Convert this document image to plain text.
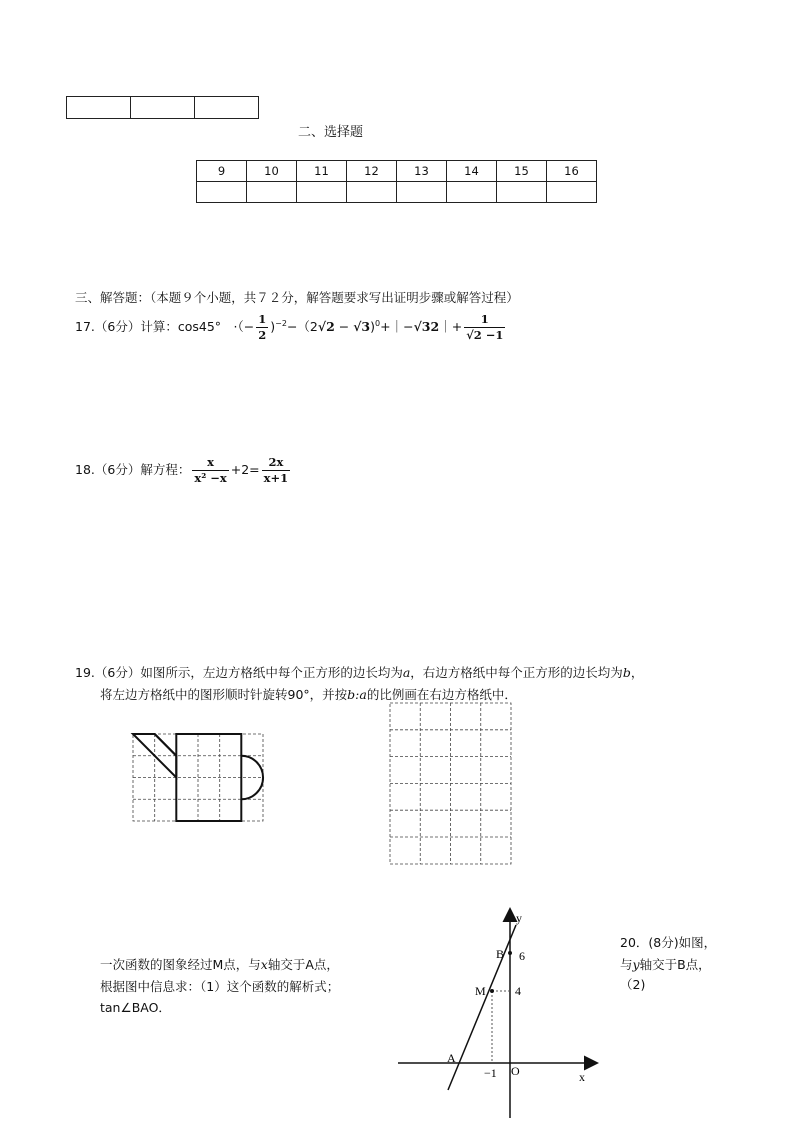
二、选择题
9	10	11	12	13	14	15	16

三、解答题：（本题９个小题，共７２分，解答题要求写出证明步骤或解答过程）
17.（6分）计算：cos45°　·（− $\frac{1}{2} )^{-2}-(2√2$ − √3)$^0$+｜−√32｜+ $\frac{1}{√2 -1}$
18.（6分）解方程： $\frac{x}{\text{x² −x}} +2= \frac{2x}{x+1}$
19.（6分）如图所示，左边方格纸中每个正方形的边长均为a，右边方格纸中每个正方形的边长均为b，
将左边方格纸中的图形顺时针旋转90°，并按b:a的比例画在右边方格纸中．
20．(8分)如图，
与y轴交于B点，
（2)
一次函数的图象经过M点，与x轴交于A点，
根据图中信息求：（1）这个函数的解析式；
tan∠BAO．
y
x
B 6
M 4
A
−1 O
